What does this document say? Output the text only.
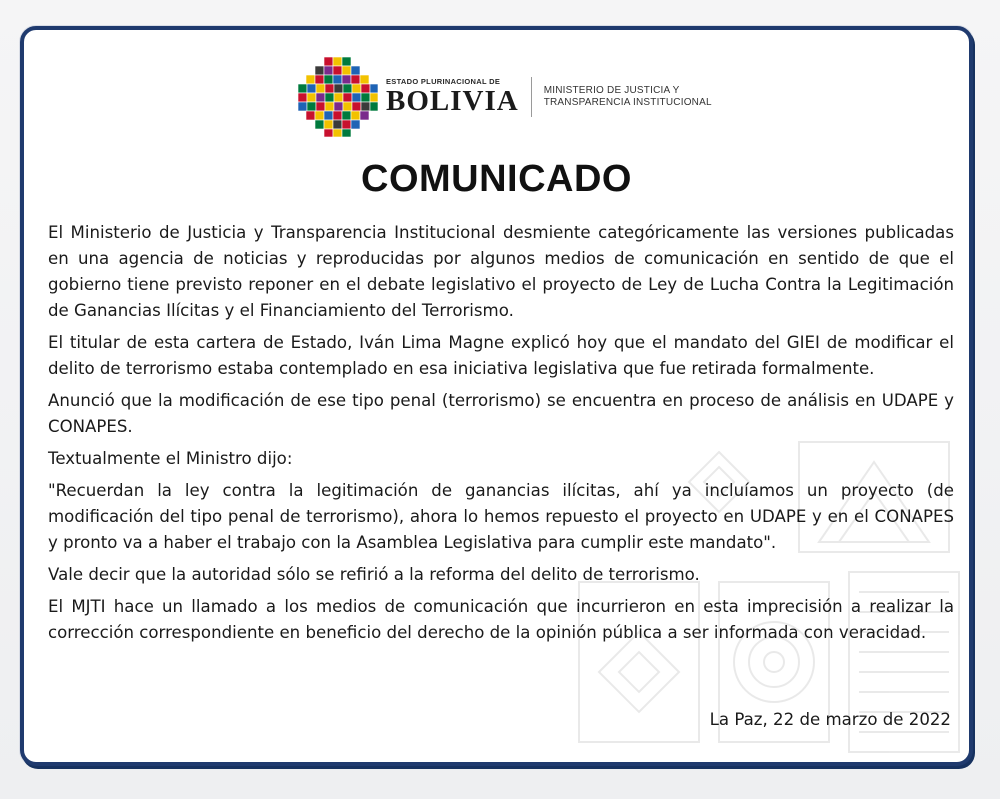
ESTADO PLURINACIONAL DE
BOLIVIA	MINISTERIO DE JUSTICIA Y
TRANSPARENCIA INSTITUCIONAL
COMUNICADO

El Ministerio de Justicia y Transparencia Institucional desmiente categóricamente las versiones publicadas en una agencia de noticias y reproducidas por algunos medios de comunicación en sentido de que el gobierno tiene previsto reponer en el debate legislativo el proyecto de Ley de Lucha Contra la Legitimación de Ganancias Ilícitas y el Financiamiento del Terrorismo.

El titular de esta cartera de Estado, Iván Lima Magne explicó hoy que el mandato del GIEI de modificar el delito de terrorismo estaba contemplado en esa iniciativa legislativa que fue retirada formalmente.

Anunció que la modificación de ese tipo penal (terrorismo) se encuentra en proceso de análisis en UDAPE y CONAPES.

Textualmente el Ministro dijo:

"Recuerdan la ley contra la legitimación de ganancias ilícitas, ahí ya incluíamos un proyecto (de modificación del tipo penal de terrorismo), ahora lo hemos repuesto el proyecto en UDAPE y en el CONAPES y pronto va a haber el trabajo con la Asamblea Legislativa para cumplir este mandato".

Vale decir que la autoridad sólo se refirió a la reforma del delito de terrorismo.

El MJTI hace un llamado a los medios de comunicación que incurrieron en esta imprecisión a realizar la corrección correspondiente en beneficio del derecho de la opinión pública a ser informada con veracidad.

La Paz, 22 de marzo de 2022
